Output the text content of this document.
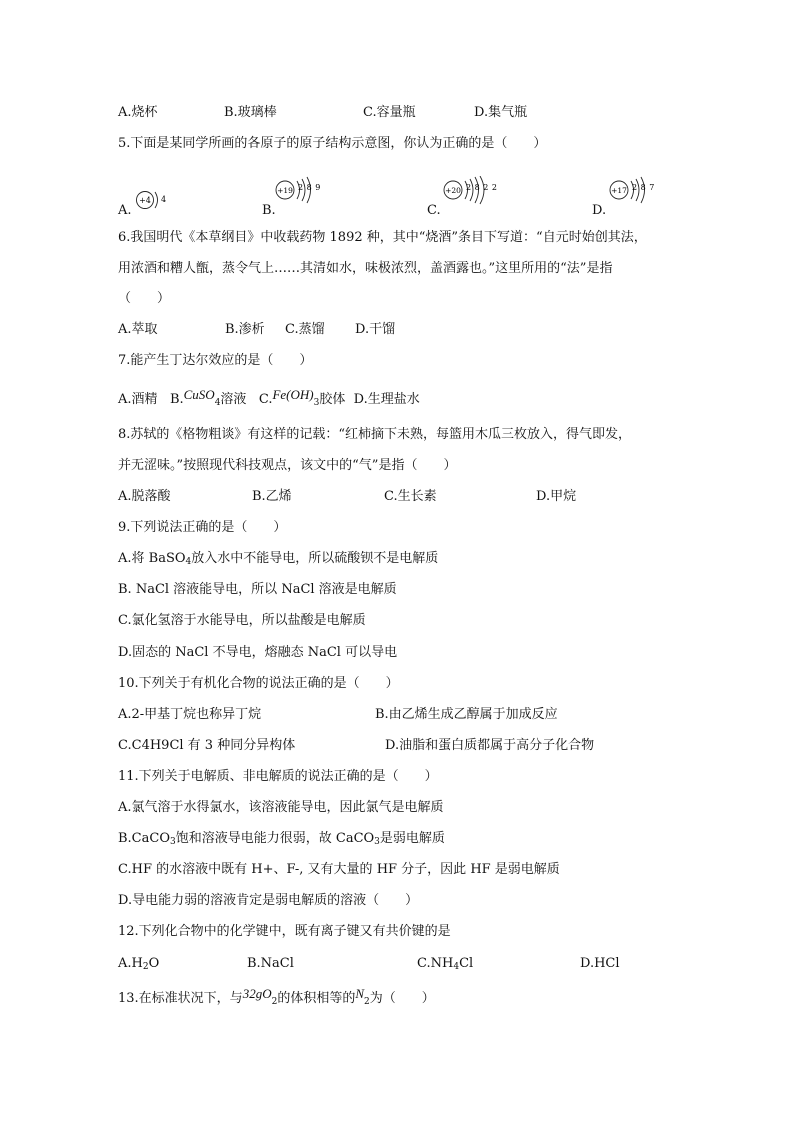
A.烧杯	B.玻璃棒	C.容量瓶	D.集气瓶
5.下面是某同学所画的各原子的原子结构示意图，你认为正确的是（　　）
A.
+4 4
B.
+19 2 8 9
C.
+20 2 8 2 2
D.
+17 2 8 7
6.我国明代《本草纲目》中收载药物 1892 种，其中“烧酒”条目下写道：“自元时始创其法，
用浓酒和糟人甑，蒸令气上‥‥‥其清如水，味极浓烈，盖酒露也。”这里所用的“法”是指
（　　）
A.萃取	B.渗析 C.蒸馏 D.干馏
7.能产生丁达尔效应的是（　　）
A.酒精 B.CuSO$_4$溶液 $C.Fe(OH)_3$胶体 D.生理盐水
8.苏轼的《格物粗谈》有这样的记载：“红柿摘下未熟，每篮用木瓜三枚放入，得气即发，
并无涩味。”按照现代科技观点，该文中的“气”是指（　　）
A.脱落酸	B.乙烯	C.生长素	D.甲烷
9.下列说法正确的是（　　）
A.将 BaSO$_4$放入水中不能导电，所以硫酸钡不是电解质
B. NaCl 溶液能导电，所以 NaCl 溶液是电解质
C.氯化氢溶于水能导电，所以盐酸是电解质
D.固态的 NaCl 不导电，熔融态 NaCl 可以导电
10.下列关于有机化合物的说法正确的是（　　）
A.2-甲基丁烷也称异丁烷	B.由乙烯生成乙醇属于加成反应
C.C4H9Cl 有 3 种同分异构体	D.油脂和蛋白质都属于高分子化合物
11.下列关于电解质、非电解质的说法正确的是（　　）
A.氯气溶于水得氯水，该溶液能导电，因此氯气是电解质
B.CaCO$_3$饱和溶液导电能力很弱，故 CaCO$_3$是弱电解质
C.HF 的水溶液中既有 H+、F-, 又有大量的 HF 分子，因此 HF 是弱电解质
D.导电能力弱的溶液肯定是弱电解质的溶液（　　）
12.下列化合物中的化学键中，既有离子键又有共价键的是
$A.H_2O$	B.NaCl	$C.NH_4Cl$	D.HCl
13.在标准状况下，与$32gO_2$的体积相等的$N_2$为（　　）
